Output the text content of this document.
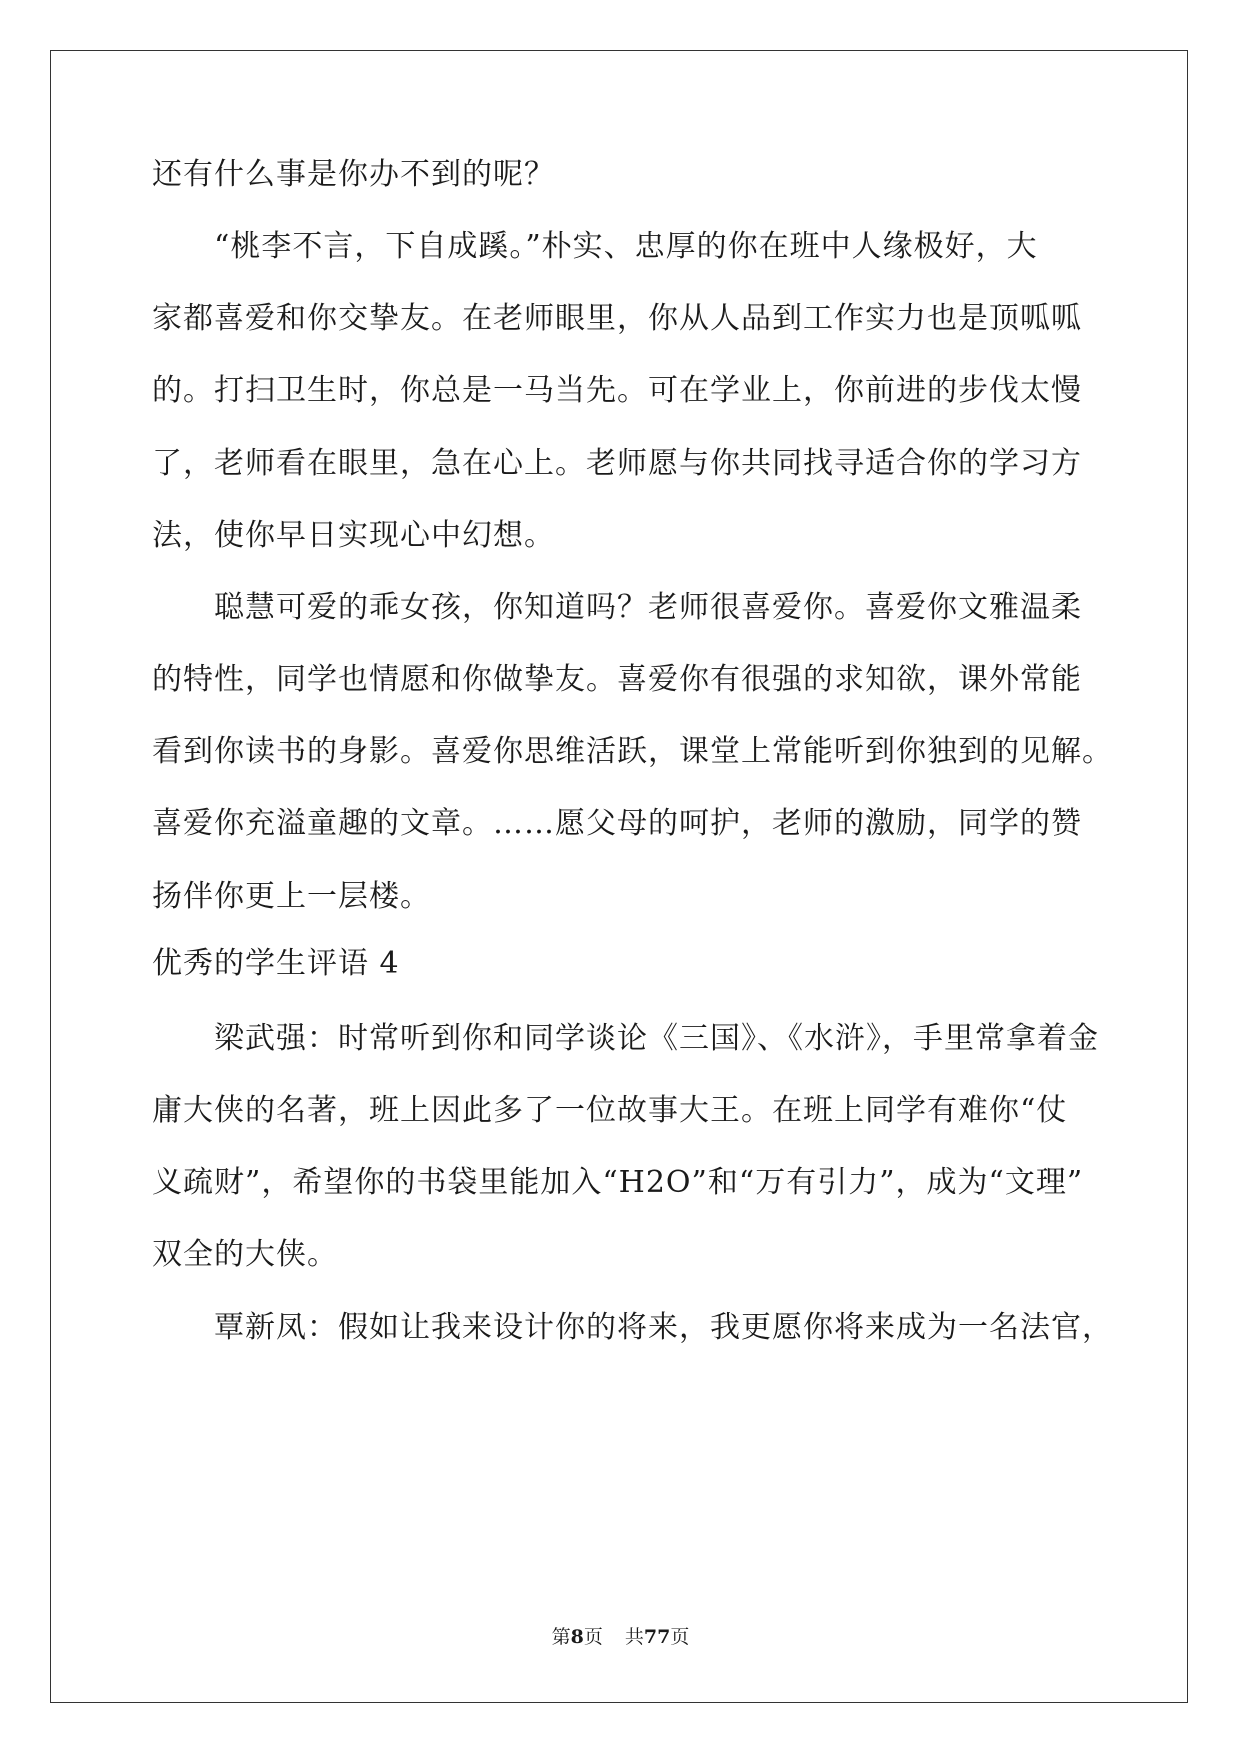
还有什么事是你办不到的呢？
“桃李不言，下自成蹊。”朴实、忠厚的你在班中人缘极好，大
家都喜爱和你交挚友。在老师眼里，你从人品到工作实力也是顶呱呱
的。打扫卫生时，你总是一马当先。可在学业上，你前进的步伐太慢
了，老师看在眼里，急在心上。老师愿与你共同找寻适合你的学习方
法，使你早日实现心中幻想。
聪慧可爱的乖女孩，你知道吗？老师很喜爱你。喜爱你文雅温柔
的特性，同学也情愿和你做挚友。喜爱你有很强的求知欲，课外常能
看到你读书的身影。喜爱你思维活跃，课堂上常能听到你独到的见解。
喜爱你充溢童趣的文章。……愿父母的呵护，老师的激励，同学的赞
扬伴你更上一层楼。
优秀的学生评语 4
梁武强：时常听到你和同学谈论《三国》、《水浒》，手里常拿着金
庸大侠的名著，班上因此多了一位故事大王。在班上同学有难你“仗
义疏财”，希望你的书袋里能加入“H2O”和“万有引力”，成为“文理”
双全的大侠。
覃新凤：假如让我来设计你的将来，我更愿你将来成为一名法官，
第8页 共77页
